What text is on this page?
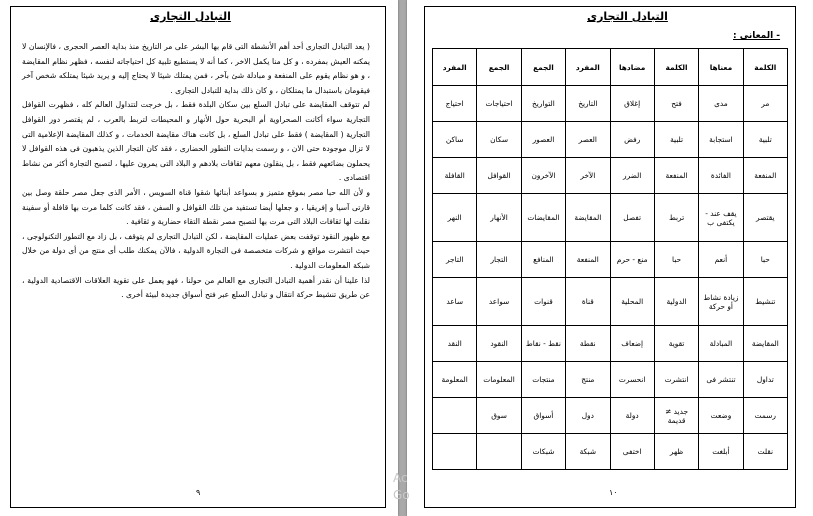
التبادل التجارى

( يعد التبادل التجارى أحد أهم الأنشطة التى قام بها البشر على مر التاريخ منذ بداية العصر الحجرى ، فالإنسان لا يمكنه العيش بمفرده ، و كل منا يكمل الاخر ، كما أنه لا يستطيع تلبية كل احتياجاته لنفسه ، فظهر نظام المقايضة ، و هو نظام يقوم على المنفعة و مبادلة شئ بآخر ، فمن يمتلك شيئا لا يحتاج إليه و يريد شيئا يمتلكه شخص آخر فيقومان باستبدال ما يمتلكان ، و كان ذلك بداية للتبادل التجارى .

لم تتوقف المقايضة على تبادل السلع بين سكان البلدة فقط ، بل خرجت لتتداول العالم كله ، فظهرت القوافل التجارية سواء أكانت الصحراوية أم البحرية حول الأنهار و المحيطات لتربط بالعرب ، لم يقتصر دور القوافل التجارية ( المقايضة ) فقط على تبادل السلع ، بل كانت هناك مقايضة الخدمات ، و كذلك المقايضة الإعلامية التى لا تزال موجودة حتى الان ، و رسمت بدايات التطور الحضارى ، فقد كان التجار الذين يذهبون فى هذه القوافل لا يحملون بضائعهم فقط ، بل ينقلون معهم ثقافات بلادهم و البلاد التى يمرون عليها ، لتصبح التجارة أكثر من نشاط اقتصادى .

و لأن الله حبا مصر بموقع متميز و بسواعد أبنائها شقوا قناة السويس ، الأمر الذى جعل مصر حلقة وصل بين قارتى آسيا و إفريقيا ، و جعلها أيضا تستفيد من تلك القوافل و السفن ، فقد كانت كلما مرت بها قافلة أو سفينة نقلت لها ثقافات البلاد التى مرت بها لتصبح مصر نقطة التقاء حضارية و ثقافية .

مع ظهور النقود توقفت بعض عمليات المقايضة ، لكن التبادل التجارى لم يتوقف ، بل زاد مع التطور التكنولوجى ، حيث انتشرت مواقع و شركات متخصصة فى التجارة الدولية ، فالآن يمكنك طلب أى منتج من أى دولة من خلال شبكة المعلومات الدولية .

لذا علينا أن نقدر أهمية التبادل التجارى مع العالم من حولنا ، فهو يعمل على تقوية العلاقات الاقتصادية الدولية ، عن طريق تنشيط حركة انتقال و تبادل السلع عبر فتح أسواق جديدة لبيئة أخرى .

٩
التبادل التجارى
- المعانى :
الكلمة	معناها	الكلمة	مضادها	المفرد	الجمع	الجمع	المفرد
مر	مدى	فتح	إغلاق	التاريخ	التواريخ	احتياجات	احتياج
تلبية	استجابة	تلبية	رفض	العصر	العصور	سكان	ساكن
المنفعة	الفائدة	المنفعة	الضرر	الآخر	الآخرون	القوافل	القافلة
يقتصر	يقف عند - يكتفى ب	تربط	تفصل	المقايضة	المقايضات	الأنهار	النهر
حبا	أنعم	حبا	منع - حرم	المنفعة	المنافع	التجار	التاجر
تنشيط	زيادة نشاط أو حركة	الدولية	المحلية	قناة	قنوات	سواعد	ساعد
المقايضة	المبادلة	تقوية	إضعاف	نقطة	نقط - نقاط	النقود	النقد
تداول	تنتشر فى	انتشرت	انحسرت	منتج	منتجات	المعلومات	المعلومة
رسمت	وضعت	جديد ≠ قديمة	دولة	دول	أسواق	سوق	
نقلت	أبلغت	ظهر	اختفى	شبكة	شبكات		
١٠
Ac
Go
